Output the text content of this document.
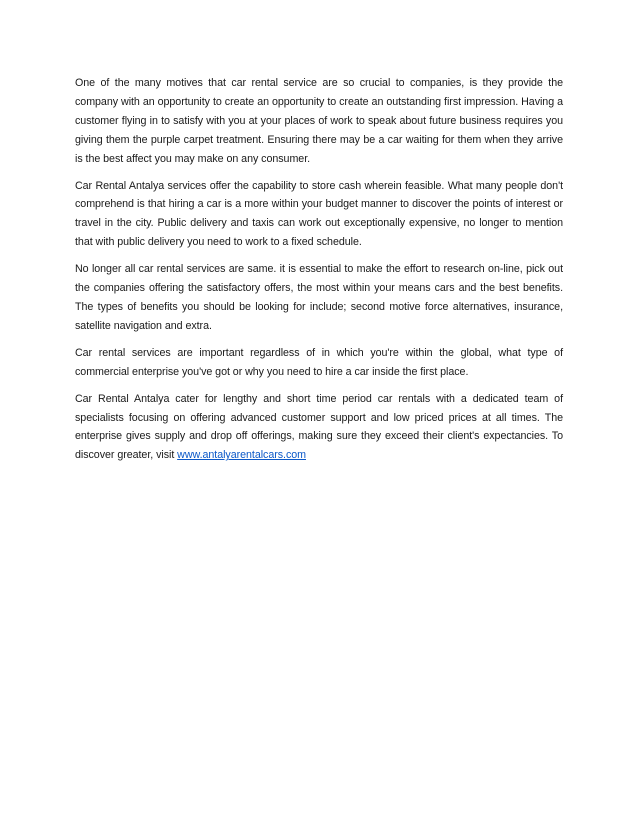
One of the many motives that car rental service are so crucial to companies, is they provide the company with an opportunity to create an opportunity to create an outstanding first impression. Having a customer flying in to satisfy with you at your places of work to speak about future business requires you giving them the purple carpet treatment. Ensuring there may be a car waiting for them when they arrive is the best affect you may make on any consumer.

Car Rental Antalya services offer the capability to store cash wherein feasible. What many people don't comprehend is that hiring a car is a more within your budget manner to discover the points of interest or travel in the city. Public delivery and taxis can work out exceptionally expensive, no longer to mention that with public delivery you need to work to a fixed schedule.

No longer all car rental services are same. it is essential to make the effort to research on-line, pick out the companies offering the satisfactory offers, the most within your means cars and the best benefits. The types of benefits you should be looking for include; second motive force alternatives, insurance, satellite navigation and extra.

Car rental services are important regardless of in which you're within the global, what type of commercial enterprise you've got or why you need to hire a car inside the first place.

Car Rental Antalya cater for lengthy and short time period car rentals with a dedicated team of specialists focusing on offering advanced customer support and low priced prices at all times. The enterprise gives supply and drop off offerings, making sure they exceed their client's expectancies. To discover greater, visit www.antalyarentalcars.com
